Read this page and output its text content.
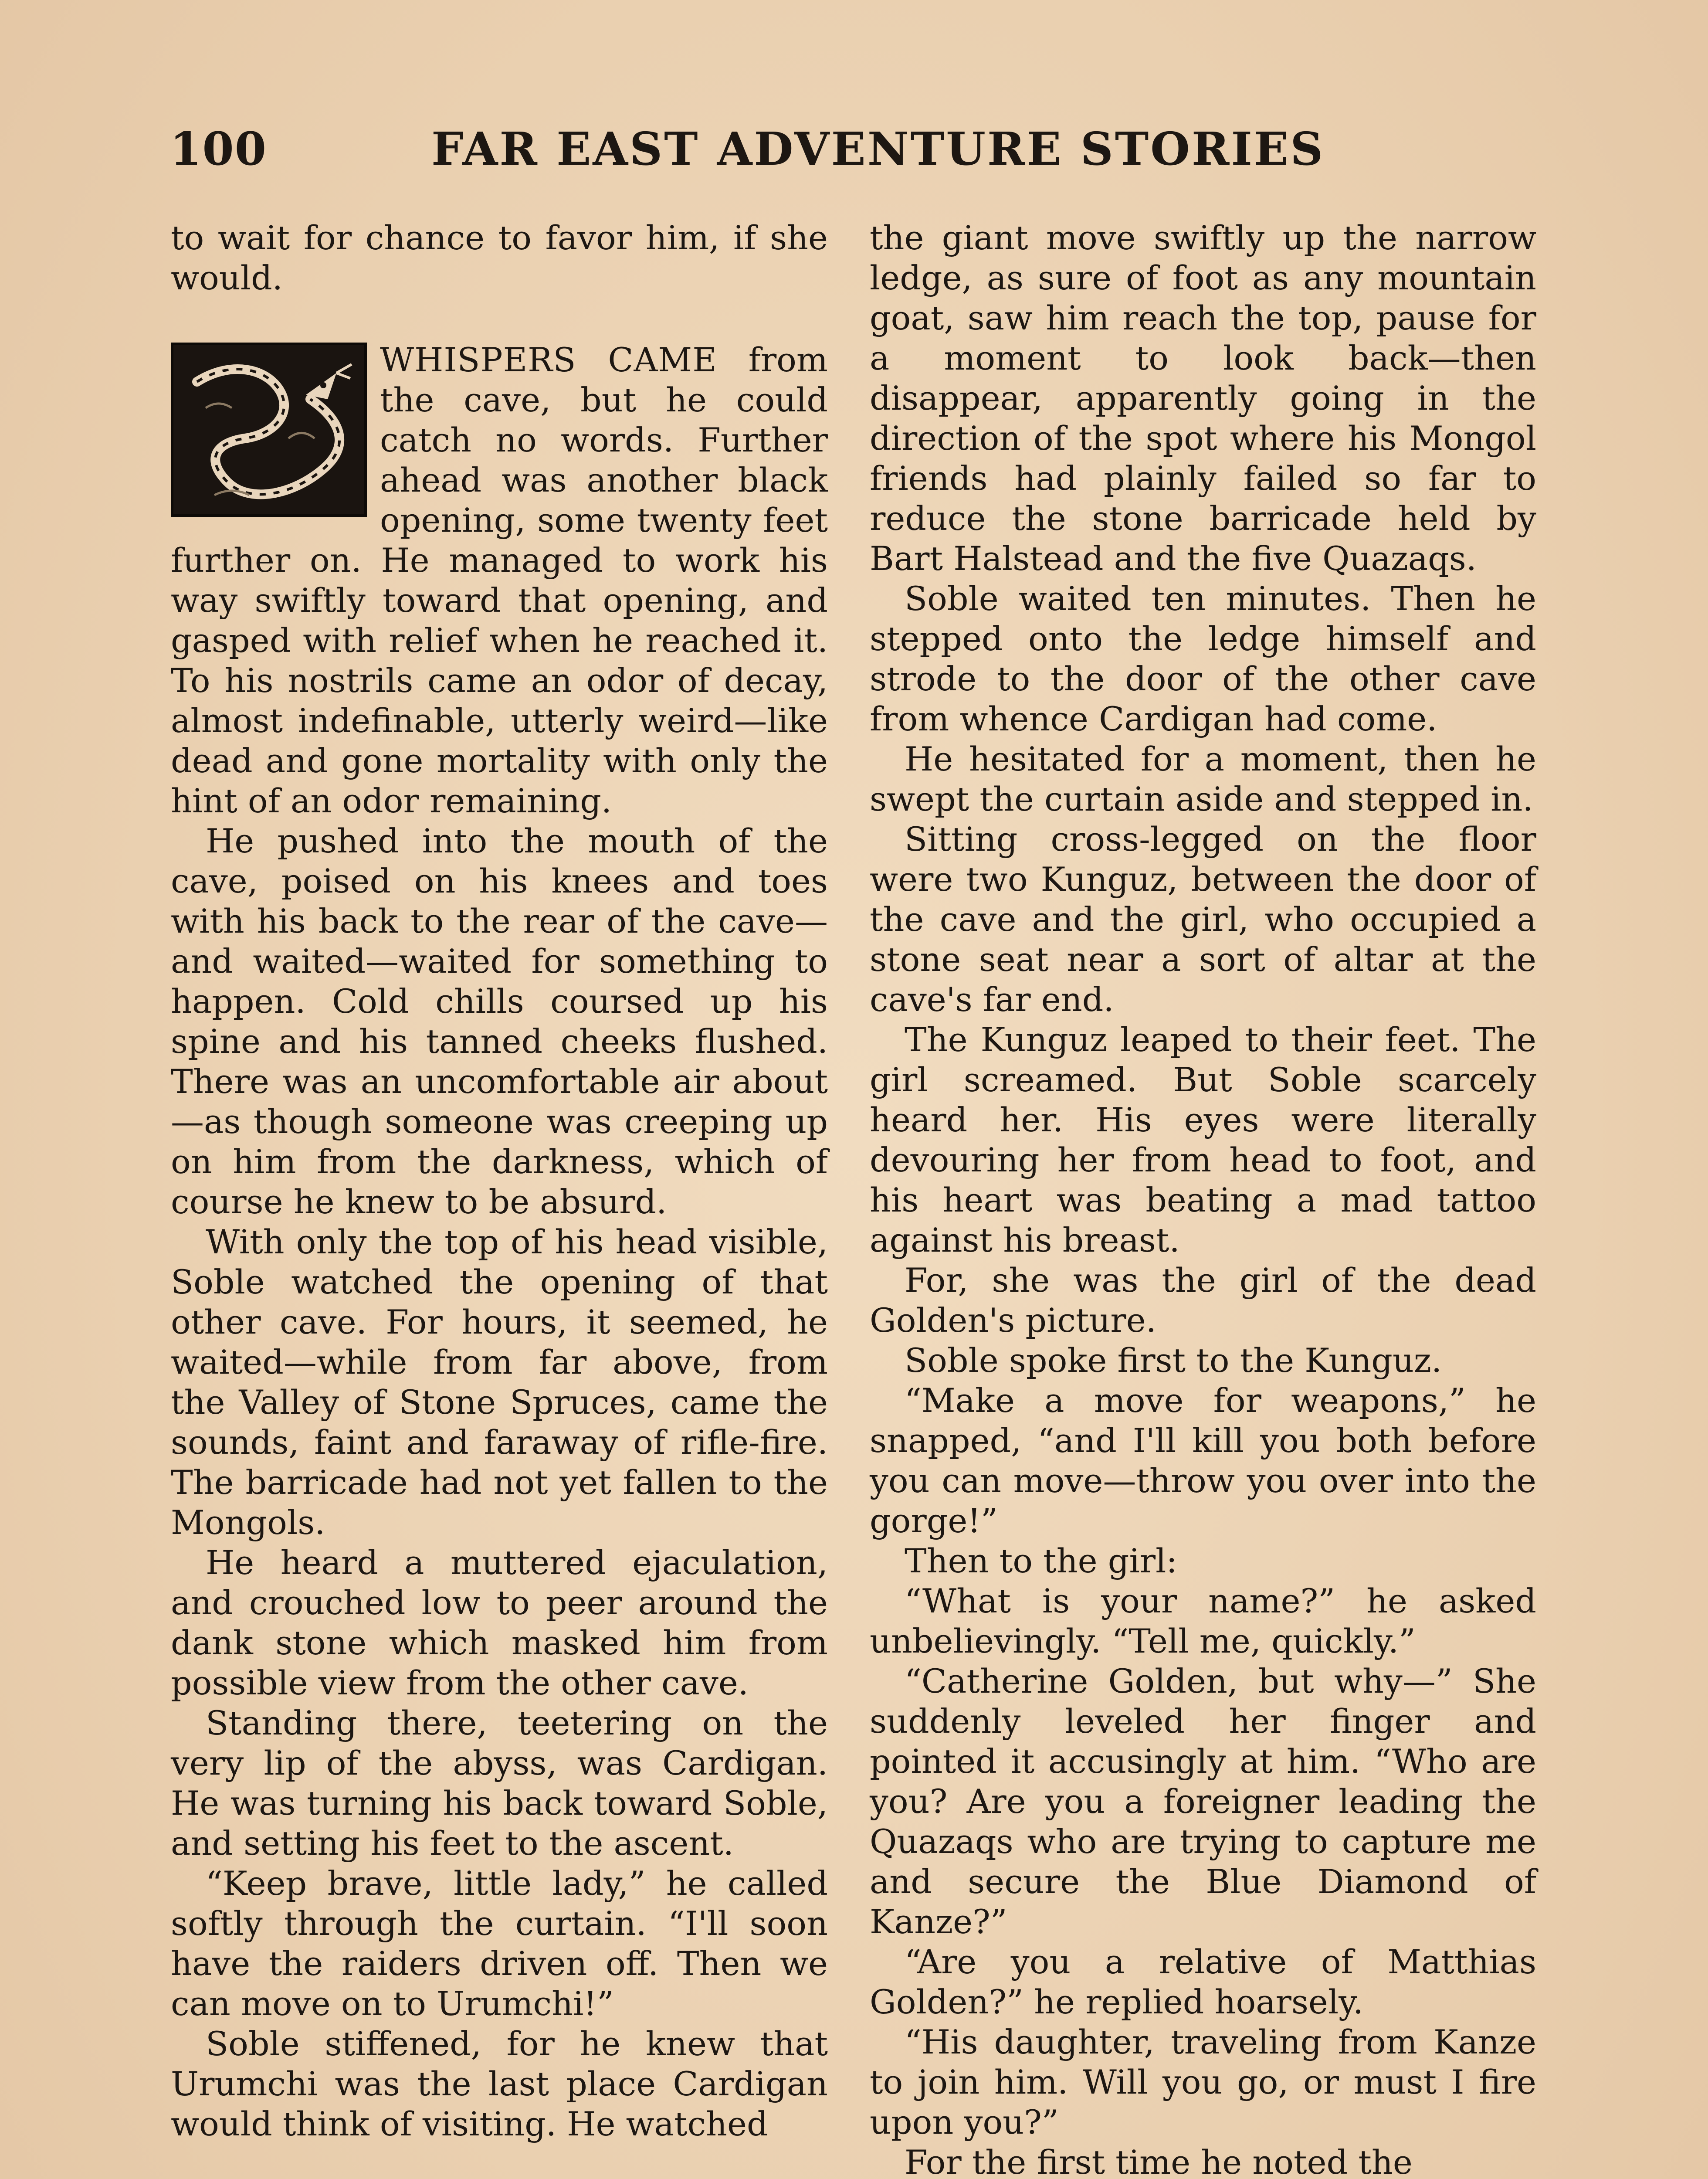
100	FAR EAST ADVENTURE STORIES

to wait for chance to favor him, if she would.

WHISPERS CAME from the cave, but he could catch no words. Further ahead was another black opening, some twenty feet further on. He managed to work his way swiftly toward that opening, and gasped with relief when he reached it. To his nostrils came an odor of decay, almost indefinable, utterly weird—like dead and gone mortality with only the hint of an odor remaining.

He pushed into the mouth of the cave, poised on his knees and toes with his back to the rear of the cave—and waited—waited for something to happen. Cold chills coursed up his spine and his tanned cheeks flushed. There was an uncomfortable air about—as though someone was creeping up on him from the darkness, which of course he knew to be absurd.

With only the top of his head visible, Soble watched the opening of that other cave. For hours, it seemed, he waited—while from far above, from the Valley of Stone Spruces, came the sounds, faint and faraway of rifle-fire. The barricade had not yet fallen to the Mongols.

He heard a muttered ejaculation, and crouched low to peer around the dank stone which masked him from possible view from the other cave.

Standing there, teetering on the very lip of the abyss, was Cardigan. He was turning his back toward Soble, and setting his feet to the ascent.

“Keep brave, little lady,” he called softly through the curtain. “I'll soon have the raiders driven off. Then we can move on to Urumchi!”

Soble stiffened, for he knew that Urumchi was the last place Cardigan would think of visiting. He watched

the giant move swiftly up the narrow ledge, as sure of foot as any mountain goat, saw him reach the top, pause for a moment to look back—then disappear, apparently going in the direction of the spot where his Mongol friends had plainly failed so far to reduce the stone barricade held by Bart Halstead and the five Quazaqs.

Soble waited ten minutes. Then he stepped onto the ledge himself and strode to the door of the other cave from whence Cardigan had come.

He hesitated for a moment, then he swept the curtain aside and stepped in.

Sitting cross-legged on the floor were two Kunguz, between the door of the cave and the girl, who occupied a stone seat near a sort of altar at the cave's far end.

The Kunguz leaped to their feet. The girl screamed. But Soble scarcely heard her. His eyes were literally devouring her from head to foot, and his heart was beating a mad tattoo against his breast.

For, she was the girl of the dead Golden's picture.

Soble spoke first to the Kunguz.

“Make a move for weapons,” he snapped, “and I'll kill you both before you can move—throw you over into the gorge!”

Then to the girl:

“What is your name?” he asked unbelievingly. “Tell me, quickly.”

“Catherine Golden, but why—” She suddenly leveled her finger and pointed it accusingly at him. “Who are you? Are you a foreigner leading the Quazaqs who are trying to capture me and secure the Blue Diamond of Kanze?”

“Are you a relative of Matthias Golden?” he replied hoarsely.

“His daughter, traveling from Kanze to join him. Will you go, or must I fire upon you?”

For the first time he noted the
